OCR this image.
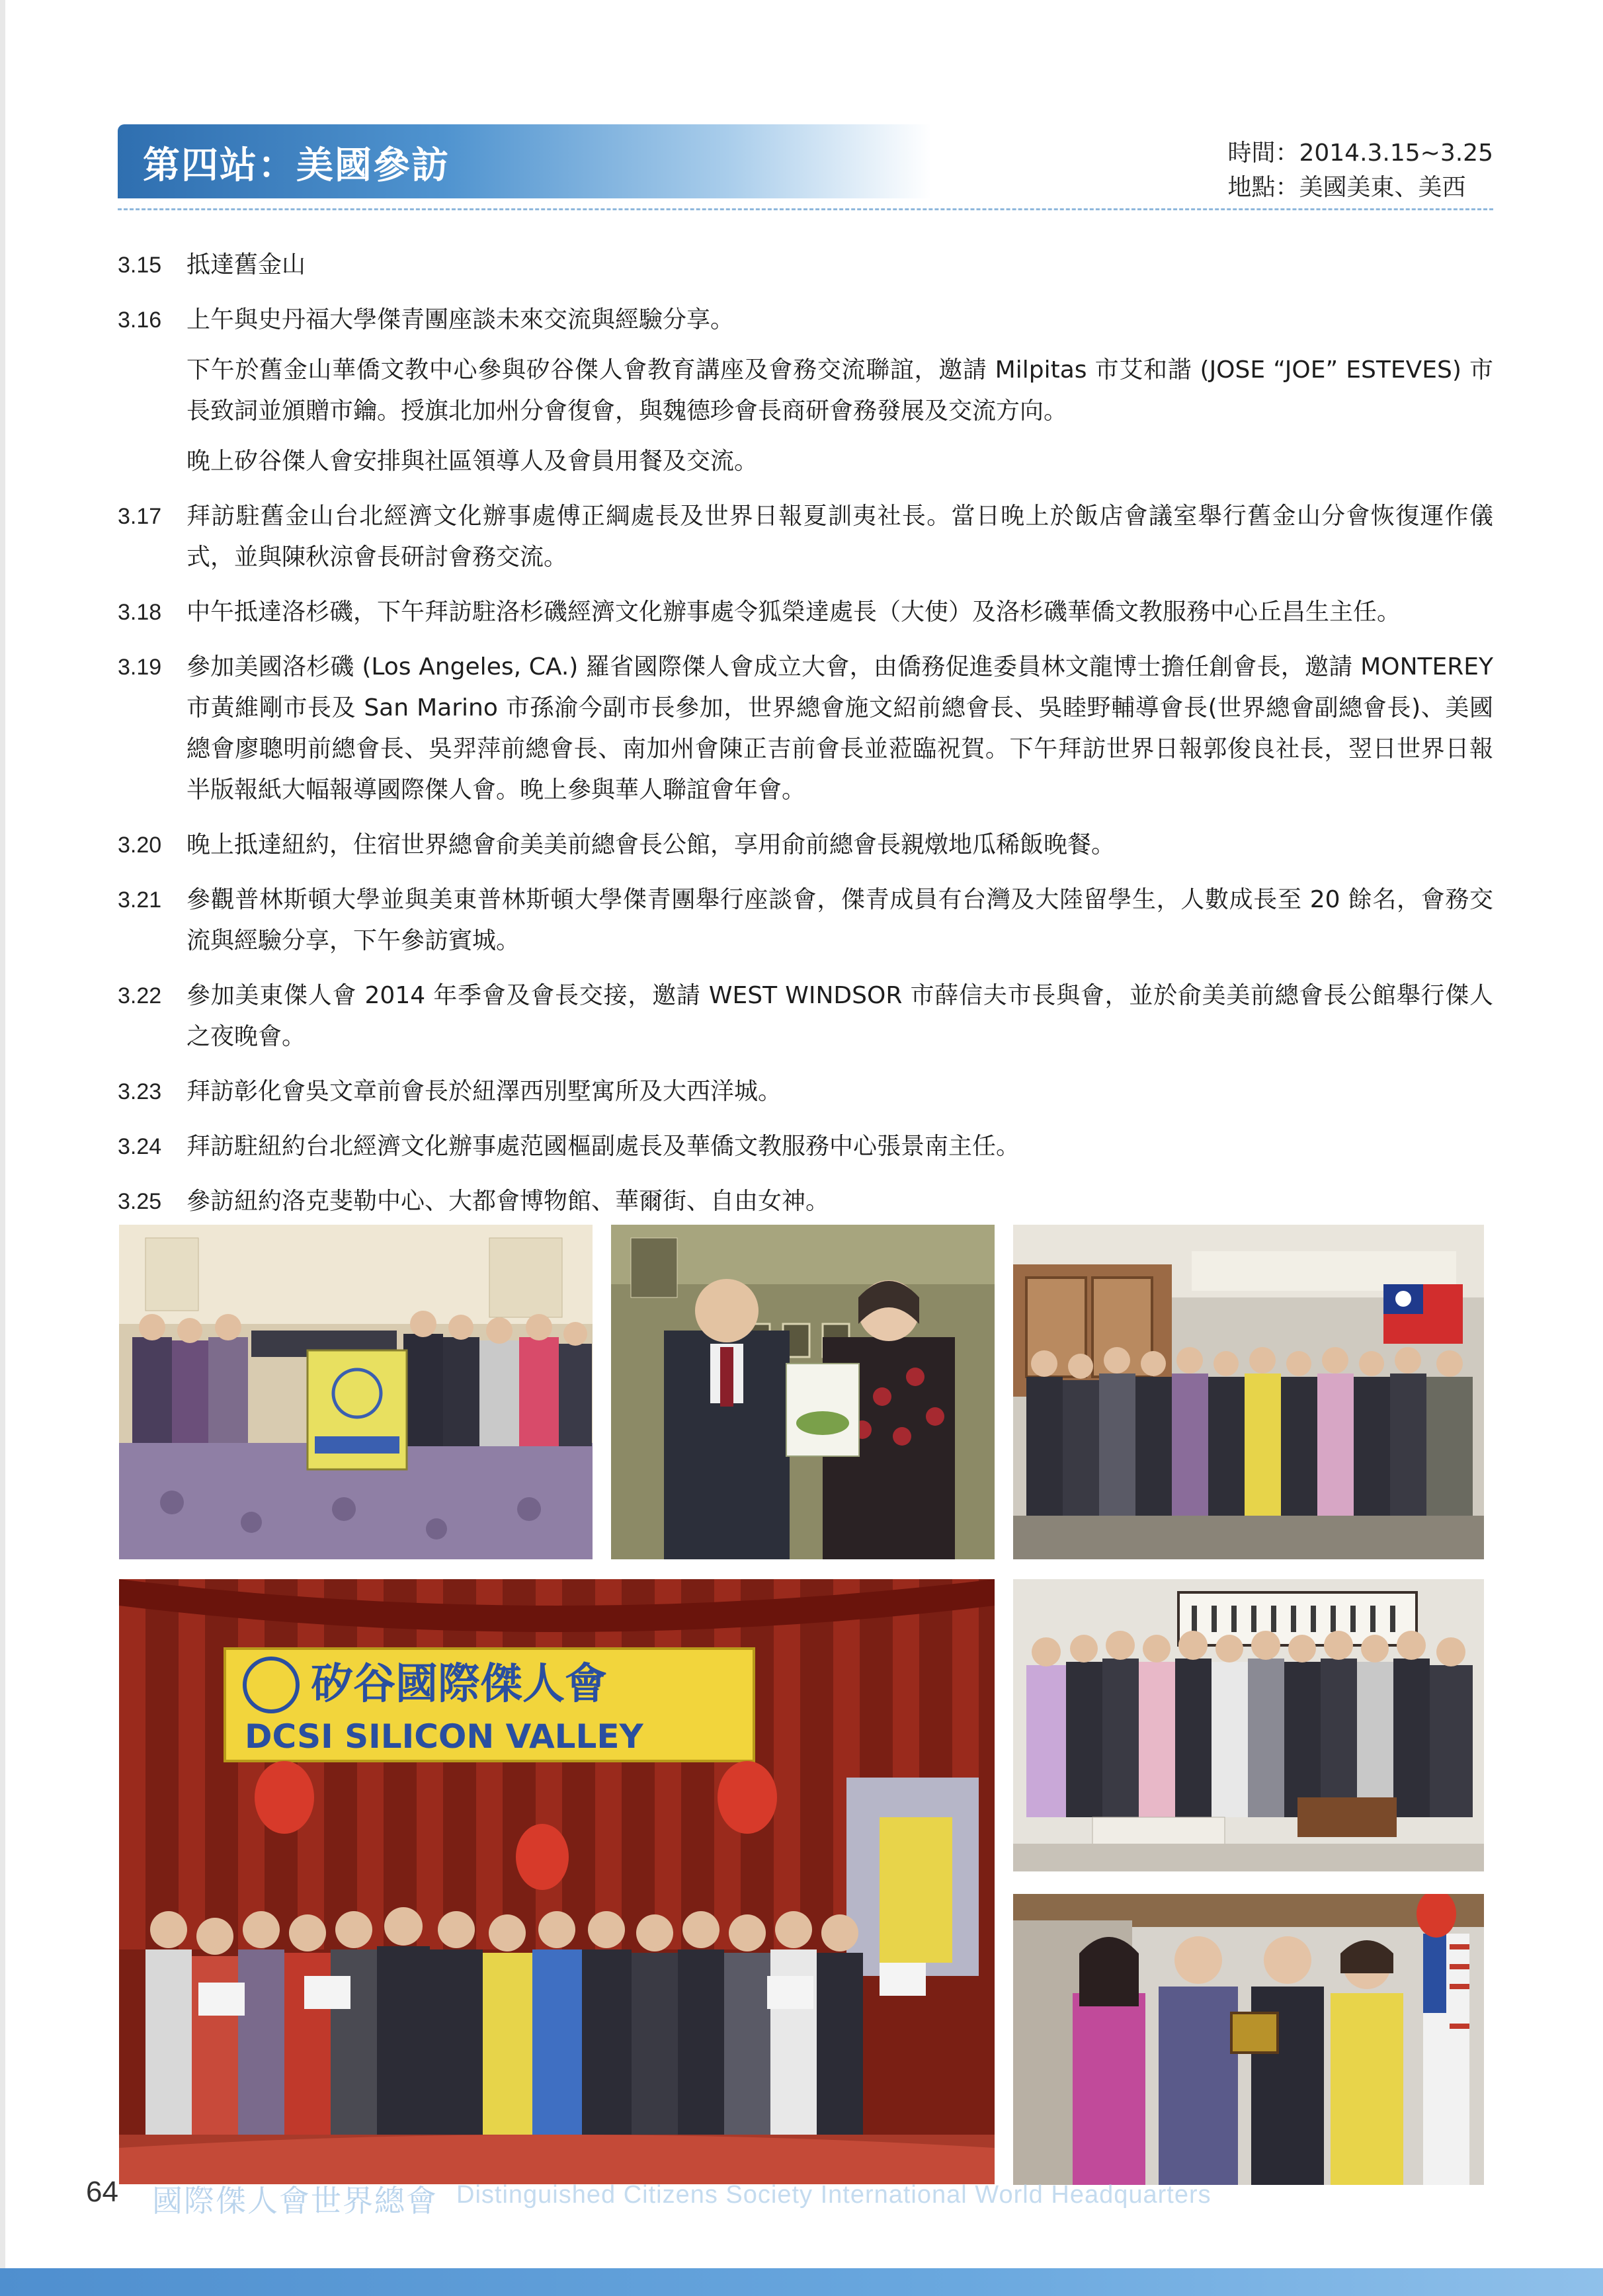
第四站：美國參訪	時間：2014.3.15~3.25
地點：美國美東、美西
3.15	抵達舊金山

3.16	上午與史丹福大學傑青團座談未來交流與經驗分享。

下午於舊金山華僑文教中心參與矽谷傑人會教育講座及會務交流聯誼，邀請 Milpitas 市艾和諧 (JOSE “JOE” ESTEVES) 市長致詞並頒贈市鑰。授旗北加州分會復會，與魏德珍會長商研會務發展及交流方向。

晚上矽谷傑人會安排與社區領導人及會員用餐及交流。

3.17	拜訪駐舊金山台北經濟文化辦事處傅正綱處長及世界日報夏訓夷社長。當日晚上於飯店會議室舉行舊金山分會恢復運作儀式，並與陳秋涼會長研討會務交流。

3.18	中午抵達洛杉磯，下午拜訪駐洛杉磯經濟文化辦事處令狐榮達處長（大使）及洛杉磯華僑文教服務中心丘昌生主任。

3.19	參加美國洛杉磯 (Los Angeles, CA.) 羅省國際傑人會成立大會，由僑務促進委員林文龍博士擔任創會長，邀請 MONTEREY 市黃維剛市長及 San Marino 市孫渝今副市長參加，世界總會施文紹前總會長、吳睦野輔導會長(世界總會副總會長)、美國總會廖聰明前總會長、吳羿萍前總會長、南加州會陳正吉前會長並蒞臨祝賀。下午拜訪世界日報郭俊良社長，翌日世界日報半版報紙大幅報導國際傑人會。晚上參與華人聯誼會年會。

3.20	晚上抵達紐約，住宿世界總會俞美美前總會長公館，享用俞前總會長親燉地瓜稀飯晚餐。

3.21	參觀普林斯頓大學並與美東普林斯頓大學傑青團舉行座談會，傑青成員有台灣及大陸留學生，人數成長至 20 餘名，會務交流與經驗分享，下午參訪賓城。

3.22	參加美東傑人會 2014 年季會及會長交接，邀請 WEST WINDSOR 市薛信夫市長與會，並於俞美美前總會長公館舉行傑人之夜晚會。

3.23	拜訪彰化會吳文章前會長於紐澤西別墅寓所及大西洋城。

3.24	拜訪駐紐約台北經濟文化辦事處范國樞副處長及華僑文教服務中心張景南主任。

3.25	參訪紐約洛克斐勒中心、大都會博物館、華爾街、自由女神。

矽谷國際傑人會
DCSI SILICON VALLEY
64 國際傑人會世界總會 Distinguished Citizens Society International World Headquarters
